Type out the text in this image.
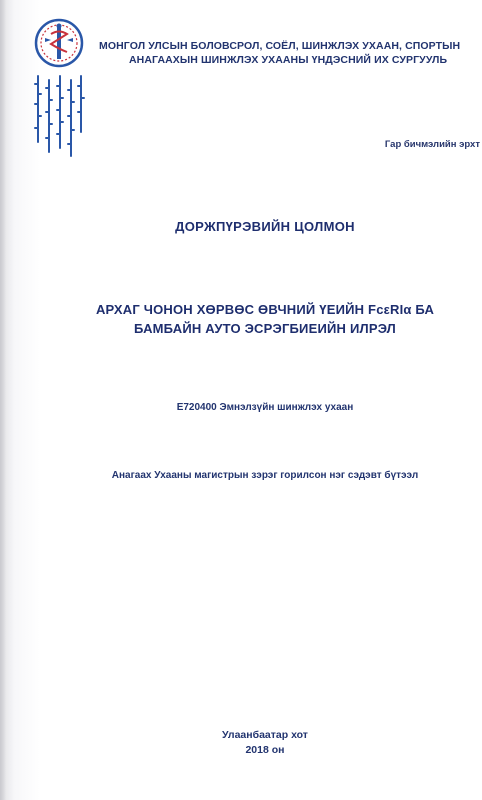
МОНГОЛ УЛСЫН БОЛОВСРОЛ, СОЁЛ, ШИНЖЛЭХ УХААН, СПОРТЫН
АНАГААХЫН ШИНЖЛЭХ УХААНЫ ҮНДЭСНИЙ ИХ СУРГУУЛЬ
Гар бичмэлийн эрхт
ДОРЖПҮРЭВИЙН ЦОЛМОН
АРХАГ ЧОНОН ХӨРВӨС ӨВЧНИЙ ҮЕИЙН FcεRIα БА
БАМБАЙН АУТО ЭСРЭГБИЕИЙН ИЛРЭЛ
E720400 Эмнэлзүйн шинжлэх ухаан
Анагаах Ухааны магистрын зэрэг горилсон нэг сэдэвт бүтээл
Улаанбаатар хот
2018 он
